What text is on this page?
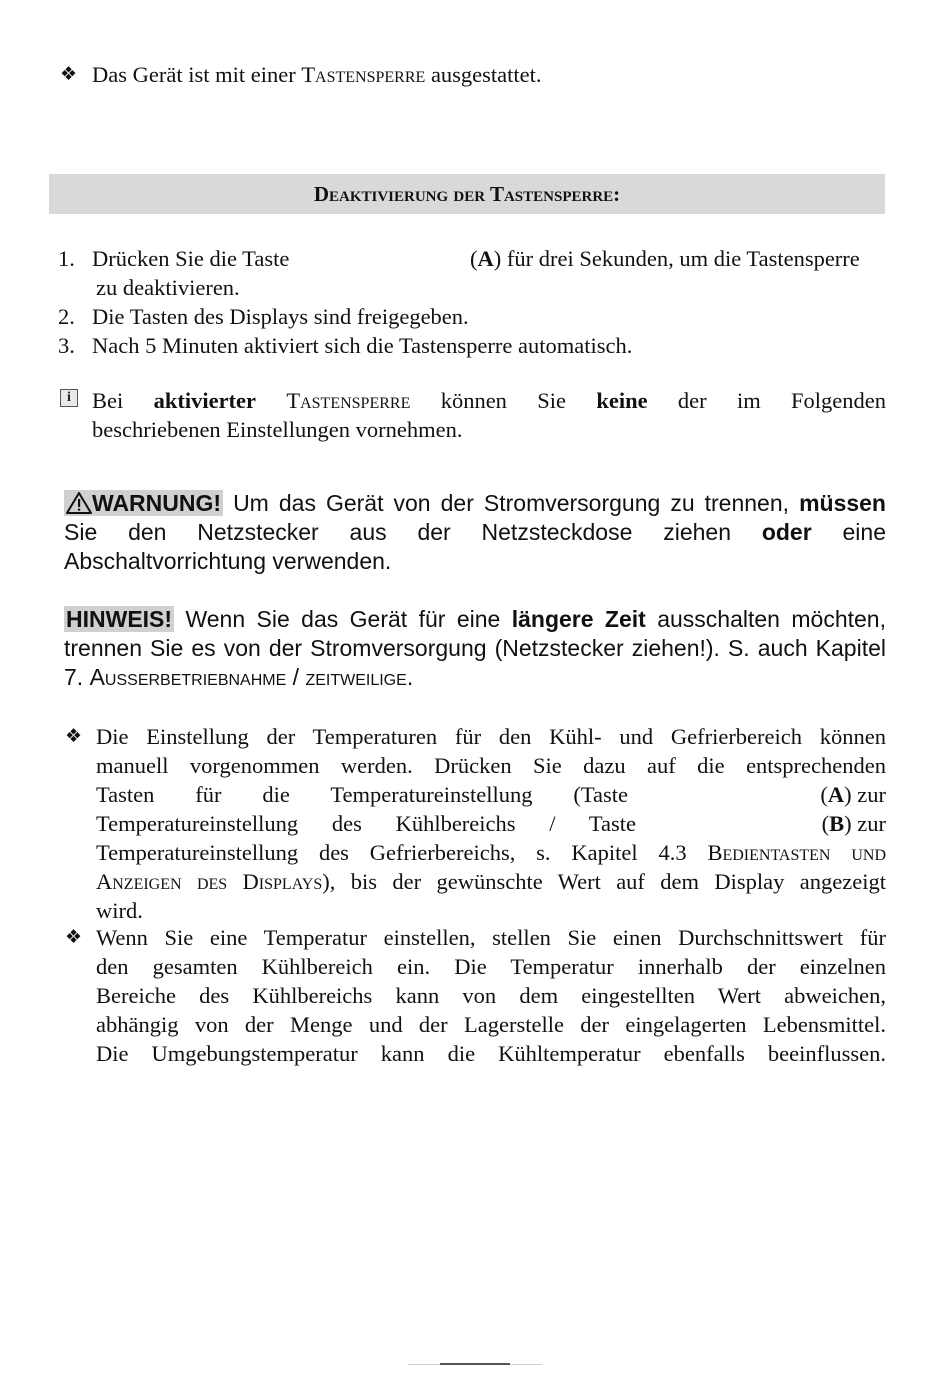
❖ Das Gerät ist mit einer Tastensperre ausgestattet.
Deaktivierung der Tastensperre:
1. Drücken Sie die Taste	(A) für drei Sekunden, um die Tastensperre
zu deaktivieren.
2. Die Tasten des Displays sind freigegeben.
3. Nach 5 Minuten aktiviert sich die Tastensperre automatisch.
i Bei aktivierter Tastensperre können Sie keine der im Folgenden
beschriebenen Einstellungen vornehmen.
WARNUNG! Um das Gerät von der Stromversorgung zu trennen, müssen Sie den Netzstecker aus der Netzsteckdose ziehen oder eine Abschaltvorrichtung verwenden.
HINWEIS! Wenn Sie das Gerät für eine längere Zeit ausschalten möchten, trennen Sie es von der Stromversorgung (Netzstecker ziehen!). S. auch Kapitel 7. Außerbetriebnahme / zeitweilige.
❖ Die Einstellung der Temperaturen für den Kühl- und Gefrierbereich können
manuell vorgenommen werden. Drücken Sie dazu auf die entsprechenden
Tasten für die Temperatureinstellung (Taste	(A) zur
Temperatureinstellung des Kühlbereichs / Taste	(B) zur
Temperatureinstellung des Gefrierbereichs, s. Kapitel 4.3 Bedientasten und
Anzeigen des Displays), bis der gewünschte Wert auf dem Display angezeigt
wird.
❖ Wenn Sie eine Temperatur einstellen, stellen Sie einen Durchschnittswert für
den gesamten Kühlbereich ein. Die Temperatur innerhalb der einzelnen
Bereiche des Kühlbereichs kann von dem eingestellten Wert abweichen,
abhängig von der Menge und der Lagerstelle der eingelagerten Lebensmittel.
Die Umgebungstemperatur kann die Kühltemperatur ebenfalls beeinflussen.
